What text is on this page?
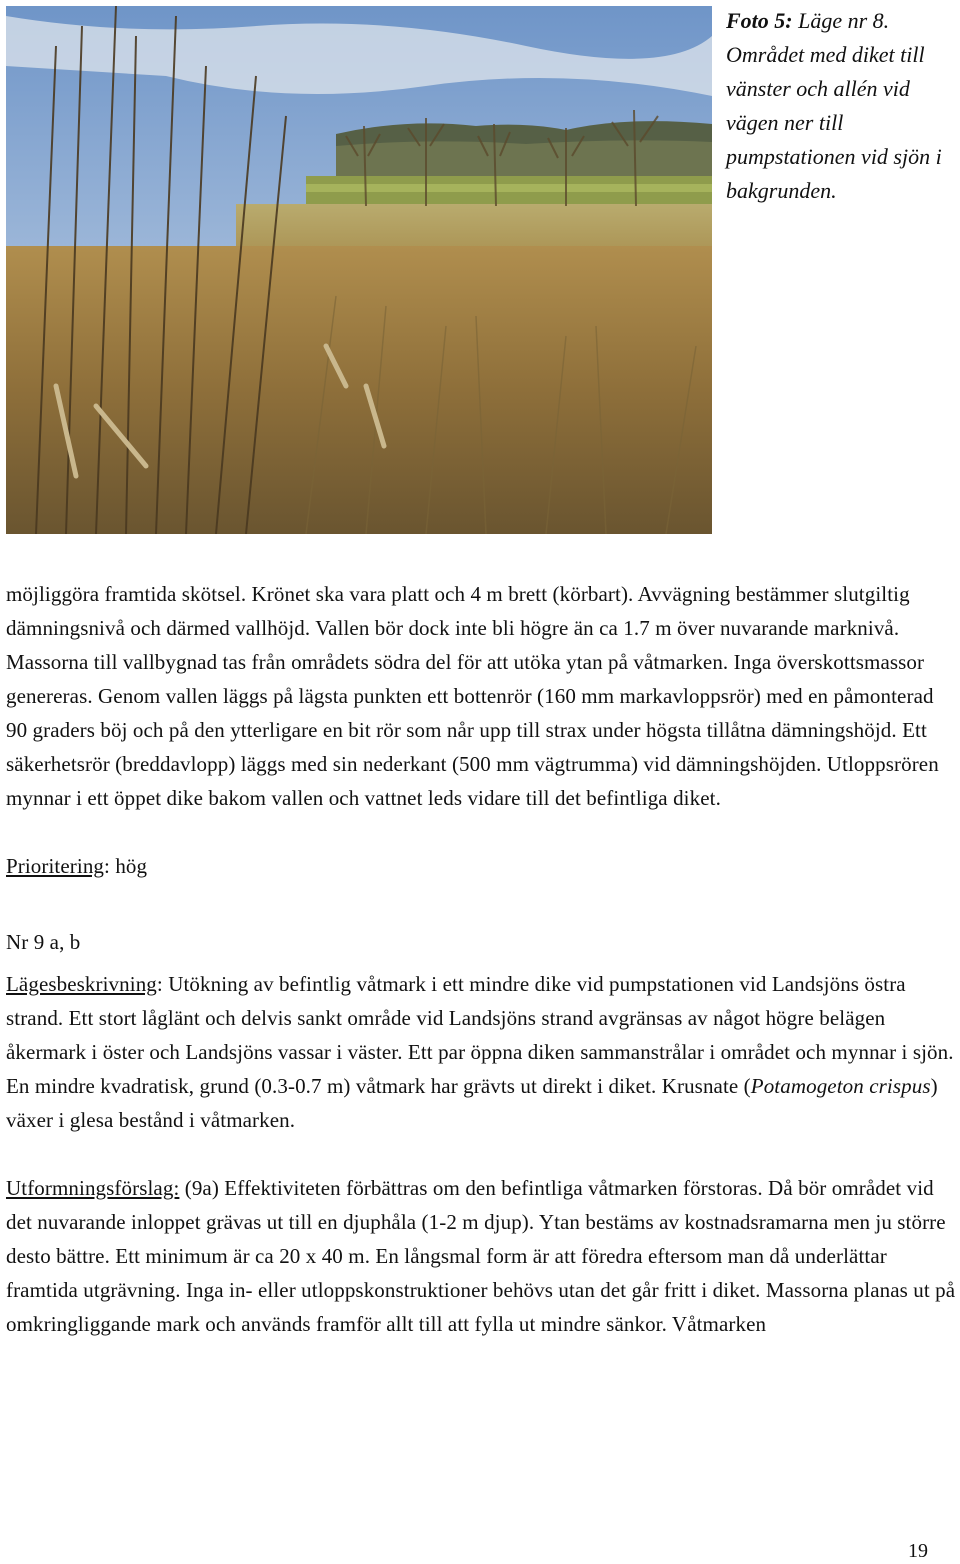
Foto 5: Läge nr 8. Området med diket till vänster och allén vid vägen ner till pumpstationen vid sjön i bakgrunden.

möjliggöra framtida skötsel. Krönet ska vara platt och 4 m brett (körbart). Avvägning bestämmer slutgiltig dämningsnivå och därmed vallhöjd. Vallen bör dock inte bli högre än ca 1.7 m över nuvarande marknivå. Massorna till vallbygnad tas från områdets södra del för att utöka ytan på våtmarken. Inga överskottsmassor genereras. Genom vallen läggs på lägsta punkten ett bottenrör (160 mm markavloppsrör) med en påmonterad 90 graders böj och på den ytterligare en bit rör som når upp till strax under högsta tillåtna dämningshöjd. Ett säkerhetsrör (breddavlopp) läggs med sin nederkant (500 mm vägtrumma) vid dämningshöjden. Utloppsrören mynnar i ett öppet dike bakom vallen och vattnet leds vidare till det befintliga diket.

Prioritering: hög

Nr 9 a, b

Lägesbeskrivning: Utökning av befintlig våtmark i ett mindre dike vid pumpstationen vid Landsjöns östra strand. Ett stort låglänt och delvis sankt område vid Landsjöns strand avgränsas av något högre belägen åkermark i öster och Landsjöns vassar i väster. Ett par öppna diken sammanstrålar i området och mynnar i sjön. En mindre kvadratisk, grund (0.3-0.7 m) våtmark har grävts ut direkt i diket. Krusnate (Potamogeton crispus) växer i glesa bestånd i våtmarken.

Utformningsförslag: (9a) Effektiviteten förbättras om den befintliga våtmarken förstoras. Då bör området vid det nuvarande inloppet grävas ut till en djuphåla (1-2 m djup). Ytan bestäms av kostnadsramarna men ju större desto bättre. Ett minimum är ca 20 x 40 m. En långsmal form är att föredra eftersom man då underlättar framtida utgrävning. Inga in- eller utloppskonstruktioner behövs utan det går fritt i diket. Massorna planas ut på omkringliggande mark och används framför allt till att fylla ut mindre sänkor. Våtmarken

19
